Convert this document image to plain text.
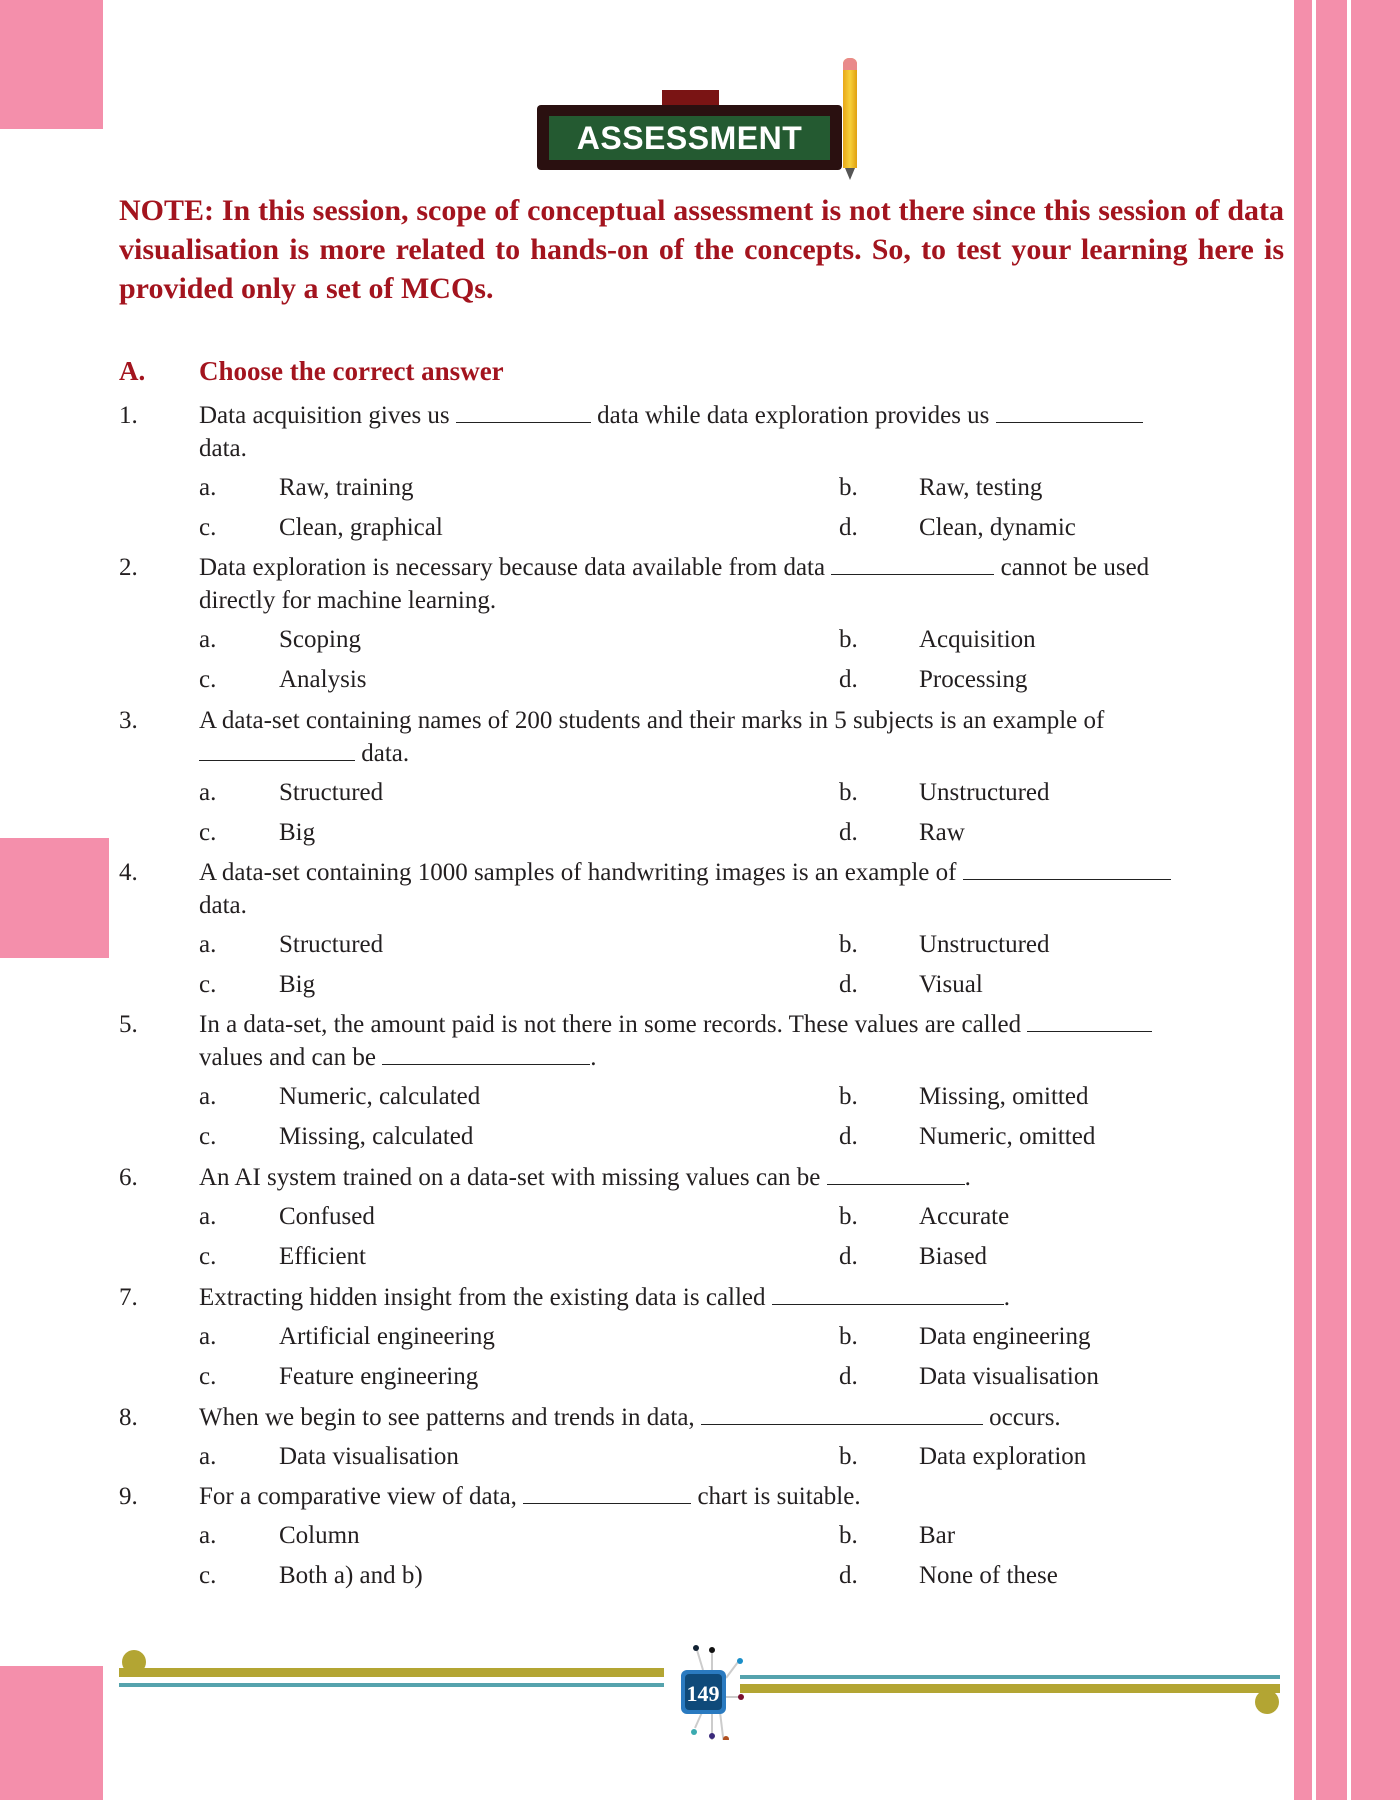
ASSESSMENT
NOTE: In this session, scope of conceptual assessment is not there since this session of data visualisation is more related to hands-on of the concepts. So, to test your learning here is provided only a set of MCQs.
A. Choose the correct answer
1. Data acquisition gives us	data while data exploration provides us
data.
a.	Raw, training	b. Raw, testing
c.	Clean, graphical	d. Clean, dynamic
2. Data exploration is necessary because data available from data	cannot be used
directly for machine learning.
a.	Scoping	b. Acquisition
c.	Analysis	d. Processing
3. A data-set containing names of 200 students and their marks in 5 subjects is an example of
data.
a.	Structured	b. Unstructured
c.	Big	d. Raw
4. A data-set containing 1000 samples of handwriting images is an example of
data.
a.	Structured	b. Unstructured
c.	Big	d. Visual
5. In a data-set, the amount paid is not there in some records. These values are called
values and can be	.
a.	Numeric, calculated	b. Missing, omitted
c.	Missing, calculated	d. Numeric, omitted
6. An AI system trained on a data-set with missing values can be	.
a.	Confused	b. Accurate
c.	Efficient	d. Biased
7. Extracting hidden insight from the existing data is called	.
a.	Artificial engineering	b. Data engineering
c.	Feature engineering	d. Data visualisation
8. When we begin to see patterns and trends in data,	occurs.
a.	Data visualisation	b. Data exploration
9. For a comparative view of data,	chart is suitable.
a.	Column	b. Bar
c.	Both a) and b)	d. None of these
149
